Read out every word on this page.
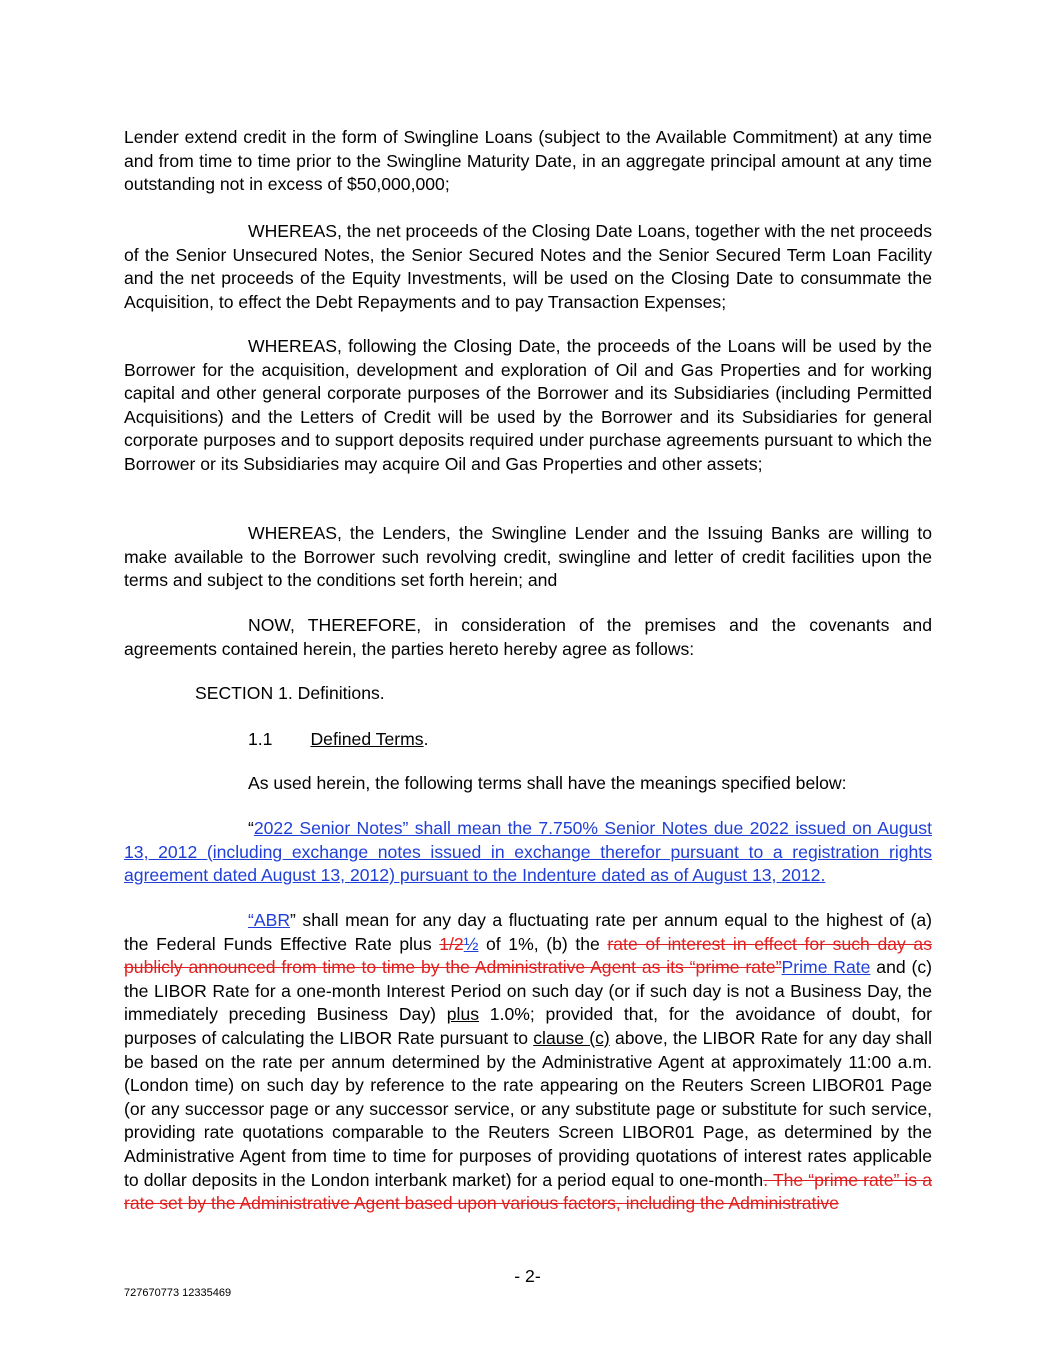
Lender extend credit in the form of Swingline Loans (subject to the Available Commitment) at any time and from time to time prior to the Swingline Maturity Date, in an aggregate principal amount at any time outstanding not in excess of $50,000,000;

WHEREAS, the net proceeds of the Closing Date Loans, together with the net proceeds of the Senior Unsecured Notes, the Senior Secured Notes and the Senior Secured Term Loan Facility and the net proceeds of the Equity Investments, will be used on the Closing Date to consummate the Acquisition, to effect the Debt Repayments and to pay Transaction Expenses;

WHEREAS, following the Closing Date, the proceeds of the Loans will be used by the Borrower for the acquisition, development and exploration of Oil and Gas Properties and for working capital and other general corporate purposes of the Borrower and its Subsidiaries (including Permitted Acquisitions) and the Letters of Credit will be used by the Borrower and its Subsidiaries for general corporate purposes and to support deposits required under purchase agreements pursuant to which the Borrower or its Subsidiaries may acquire Oil and Gas Properties and other assets;

WHEREAS, the Lenders, the Swingline Lender and the Issuing Banks are willing to make available to the Borrower such revolving credit, swingline and letter of credit facilities upon the terms and subject to the conditions set forth herein; and

NOW, THEREFORE, in consideration of the premises and the covenants and agreements contained herein, the parties hereto hereby agree as follows:

SECTION 1. Definitions.

1.1 Defined Terms.

As used herein, the following terms shall have the meanings specified below:

“2022 Senior Notes” shall mean the 7.750% Senior Notes due 2022 issued on August 13, 2012 (including exchange notes issued in exchange therefor pursuant to a registration rights agreement dated August 13, 2012) pursuant to the Indenture dated as of August 13, 2012.

“ABR” shall mean for any day a fluctuating rate per annum equal to the highest of (a) the Federal Funds Effective Rate plus 1/2½ of 1%, (b) the rate of interest in effect for such day as publicly announced from time to time by the Administrative Agent as its “prime rate”Prime Rate and (c) the LIBOR Rate for a one-month Interest Period on such day (or if such day is not a Business Day, the immediately preceding Business Day) plus 1.0%; provided that, for the avoidance of doubt, for purposes of calculating the LIBOR Rate pursuant to clause (c) above, the LIBOR Rate for any day shall be based on the rate per annum determined by the Administrative Agent at approximately 11:00 a.m. (London time) on such day by reference to the rate appearing on the Reuters Screen LIBOR01 Page (or any successor page or any successor service, or any substitute page or substitute for such service, providing rate quotations comparable to the Reuters Screen LIBOR01 Page, as determined by the Administrative Agent from time to time for purposes of providing quotations of interest rates applicable to dollar deposits in the London interbank market) for a period equal to one-month. The “prime rate” is a rate set by the Administrative Agent based upon various factors, including the Administrative

- 2-
727670773 12335469
